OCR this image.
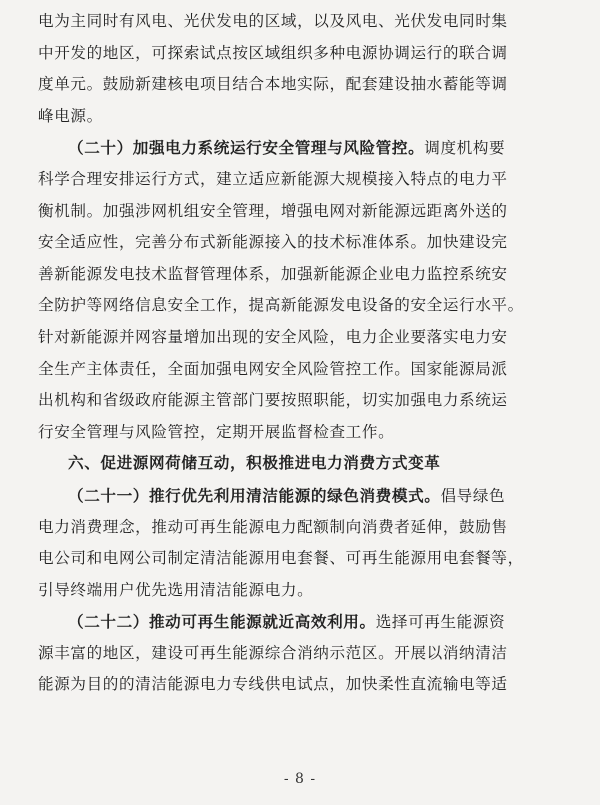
电为主同时有风电、光伏发电的区域，以及风电、光伏发电同时集
中开发的地区，可探索试点按区域组织多种电源协调运行的联合调
度单元。鼓励新建核电项目结合本地实际，配套建设抽水蓄能等调
峰电源。
（二十）加强电力系统运行安全管理与风险管控。调度机构要
科学合理安排运行方式，建立适应新能源大规模接入特点的电力平
衡机制。加强涉网机组安全管理，增强电网对新能源远距离外送的
安全适应性，完善分布式新能源接入的技术标准体系。加快建设完
善新能源发电技术监督管理体系，加强新能源企业电力监控系统安
全防护等网络信息安全工作，提高新能源发电设备的安全运行水平。
针对新能源并网容量增加出现的安全风险，电力企业要落实电力安
全生产主体责任，全面加强电网安全风险管控工作。国家能源局派
出机构和省级政府能源主管部门要按照职能，切实加强电力系统运
行安全管理与风险管控，定期开展监督检查工作。
六、促进源网荷储互动，积极推进电力消费方式变革
（二十一）推行优先利用清洁能源的绿色消费模式。倡导绿色
电力消费理念，推动可再生能源电力配额制向消费者延伸，鼓励售
电公司和电网公司制定清洁能源用电套餐、可再生能源用电套餐等，
引导终端用户优先选用清洁能源电力。
（二十二）推动可再生能源就近高效利用。选择可再生能源资
源丰富的地区，建设可再生能源综合消纳示范区。开展以消纳清洁
能源为目的的清洁能源电力专线供电试点，加快柔性直流输电等适
- 8 -
